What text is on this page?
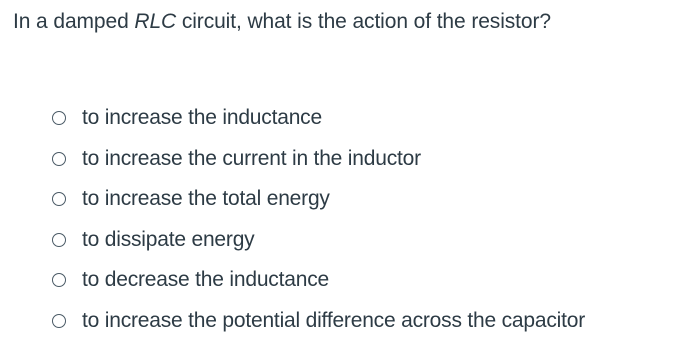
In a damped RLC circuit, what is the action of the resistor?
to increase the inductance
to increase the current in the inductor
to increase the total energy
to dissipate energy
to decrease the inductance
to increase the potential difference across the capacitor
